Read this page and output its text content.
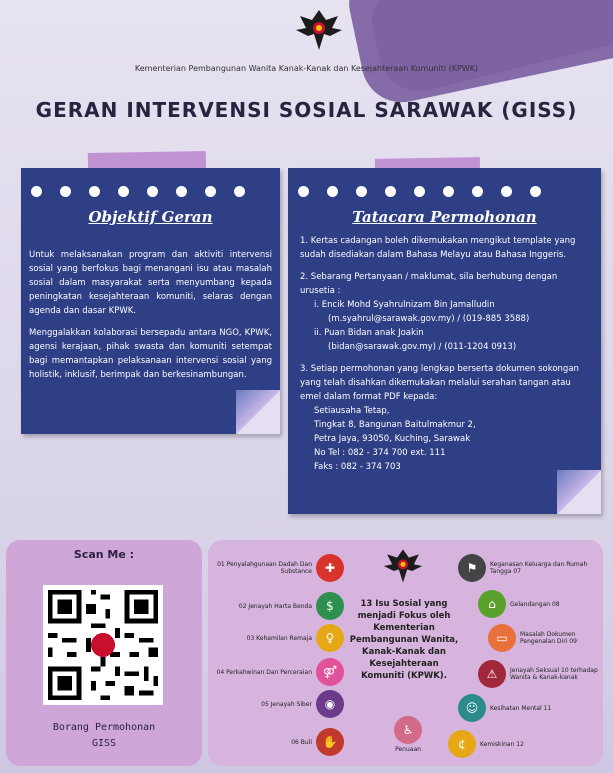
Kementerian Pembangunan Wanita Kanak-Kanak dan Kesejahteraan Komuniti (KPWK)
GERAN INTERVENSI SOSIAL SARAWAK (GISS)
Objektif Geran

Untuk melaksanakan program dan aktiviti intervensi sosial yang berfokus bagi menangani isu atau masalah sosial dalam masyarakat serta menyumbang kepada peningkatan kesejahteraan komuniti, selaras dengan agenda dan dasar KPWK.

Menggalakkan kolaborasi bersepadu antara NGO, KPWK, agensi kerajaan, pihak swasta dan komuniti setempat bagi memantapkan pelaksanaan intervensi sosial yang holistik, inklusif, berimpak dan berkesinambungan.

Tatacara Permohonan
1. Kertas cadangan boleh dikemukakan mengikut template yang sudah disediakan dalam Bahasa Melayu atau Bahasa Inggeris.
2. Sebarang Pertanyaan / maklumat, sila berhubung dengan urusetia :
i. Encik Mohd Syahrulnizam Bin Jamalludin
(m.syahrul@sarawak.gov.my) / (019-885 3588)
ii. Puan Bidan anak Joakin
(bidan@sarawak.gov.my) / (011-1204 0913)
3. Setiap permohonan yang lengkap berserta dokumen sokongan yang telah disahkan dikemukakan melalui serahan tangan atau emel dalam format PDF kepada:
Setiausaha Tetap,
Tingkat 8, Bangunan Baitulmakmur 2,
Petra Jaya, 93050, Kuching, Sarawak
No Tel : 082 - 374 700 ext. 111
Faks : 082 - 374 703
Scan Me :
Borang Permohonan
GISS
13 Isu Sosial yang menjadi Fokus oleh Kementerian Pembangunan Wanita, Kanak-Kanak dan Kesejahteraan Komuniti (KPWK).
01 Penyalahgunaan Dadah Dan Substance	✚
02 Jenayah Harta Benda	$
03 Kehamilan Remaja	♀
04 Perkahwinan Dan Perceraian ⚤
05 Jenayah Siber	◉
06 Buli ✋
⚑	Keganasan Keluarga dan Rumah Tangga 07
⌂	Gelandangan 08
▭	Masalah Dokumen Pengenalan Diri 09
⚠	Jenayah Seksual 10 terhadap Wanita & Kanak-kanak
☺	Kesihatan Mental 11
¢	Kemiskinan 12
♿
Penuaan
